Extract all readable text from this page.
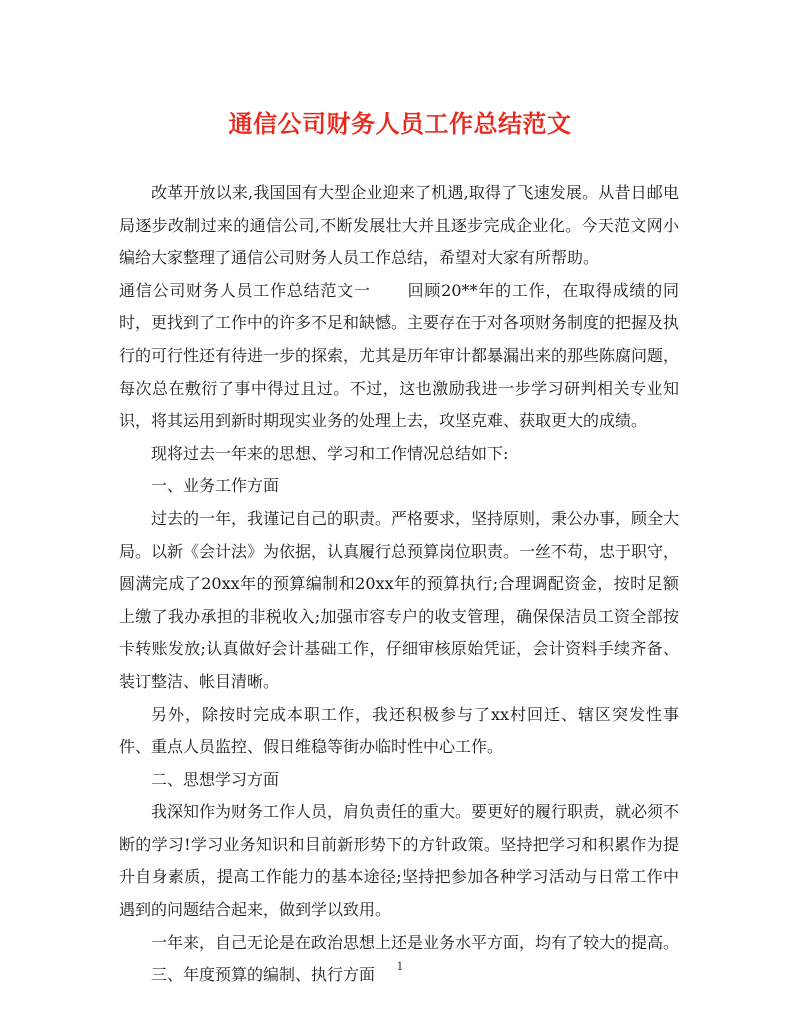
通信公司财务人员工作总结范文

改革开放以来,我国国有大型企业迎来了机遇,取得了飞速发展。从昔日邮电局逐步改制过来的通信公司,不断发展壮大并且逐步完成企业化。今天范文网小编给大家整理了通信公司财务人员工作总结，希望对大家有所帮助。

通信公司财务人员工作总结范文一 回顾20**年的工作，在取得成绩的同时，更找到了工作中的许多不足和缺憾。主要存在于对各项财务制度的把握及执行的可行性还有待进一步的探索，尤其是历年审计都暴漏出来的那些陈腐问题，每次总在敷衍了事中得过且过。不过，这也激励我进一步学习研判相关专业知识，将其运用到新时期现实业务的处理上去，攻坚克难、获取更大的成绩。

现将过去一年来的思想、学习和工作情况总结如下:

一、业务工作方面

过去的一年，我谨记自己的职责。严格要求，坚持原则，秉公办事，顾全大局。以新《会计法》为依据，认真履行总预算岗位职责。一丝不苟，忠于职守，圆满完成了20xx年的预算编制和20xx年的预算执行;合理调配资金，按时足额上缴了我办承担的非税收入;加强市容专户的收支管理，确保保洁员工资全部按卡转账发放;认真做好会计基础工作，仔细审核原始凭证，会计资料手续齐备、装订整洁、帐目清晰。

另外，除按时完成本职工作，我还积极参与了xx村回迁、辖区突发性事件、重点人员监控、假日维稳等街办临时性中心工作。

二、思想学习方面

我深知作为财务工作人员，肩负责任的重大。要更好的履行职责，就必须不断的学习!学习业务知识和目前新形势下的方针政策。坚持把学习和积累作为提升自身素质，提高工作能力的基本途径;坚持把参加各种学习活动与日常工作中遇到的问题结合起来，做到学以致用。

一年来，自己无论是在政治思想上还是业务水平方面，均有了较大的提高。

三、年度预算的编制、执行方面	1
